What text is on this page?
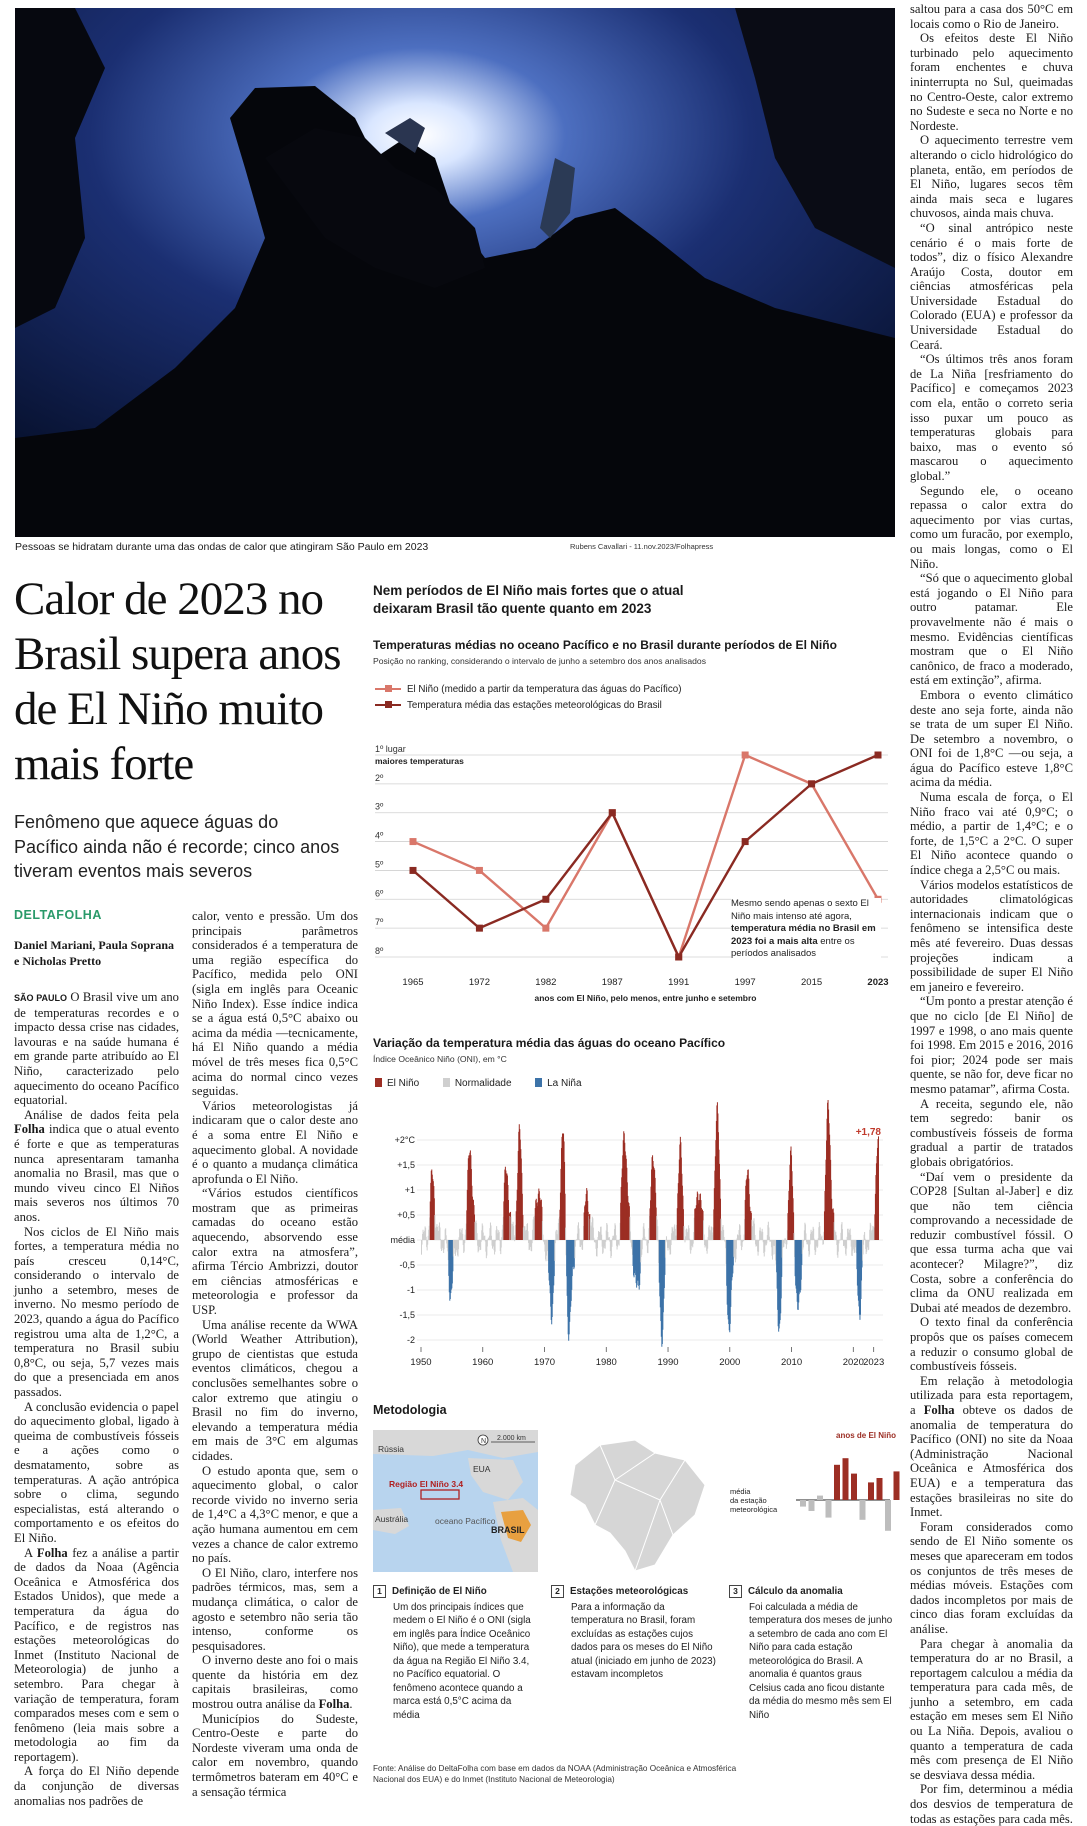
Pessoas se hidratam durante uma das ondas de calor que atingiram São Paulo em 2023	Rubens Cavallari - 11.nov.2023/Folhapress
Calor de 2023 no Brasil supera anos de El Niño muito mais forte
Fenômeno que aquece águas do Pacífico ainda não é recorde; cinco anos tiveram eventos mais severos
DELTAFOLHA
Daniel Mariani, Paula Soprana e Nicholas Pretto

SÃO PAULO O Brasil vive um ano de temperaturas recordes e o impacto dessa crise nas cidades, lavouras e na saúde humana é em grande parte atribuído ao El Niño, caracterizado pelo aquecimento do oceano Pacífico equatorial.

Análise de dados feita pela Folha indica que o atual evento é forte e que as temperaturas nunca apresentaram tamanha anomalia no Brasil, mas que o mundo viveu cinco El Niños mais severos nos últimos 70 anos.

Nos ciclos de El Niño mais fortes, a temperatura média no país cresceu 0,14°C, considerando o intervalo de junho a setembro, meses de inverno. No mesmo período de 2023, quando a água do Pacífico registrou uma alta de 1,2°C, a temperatura no Brasil subiu 0,8°C, ou seja, 5,7 vezes mais do que a presenciada em anos passados.

A conclusão evidencia o papel do aquecimento global, ligado à queima de combustíveis fósseis e a ações como o desmatamento, sobre as temperaturas. A ação antrópica sobre o clima, segundo especialistas, está alterando o comportamento e os efeitos do El Niño.

A Folha fez a análise a partir de dados da Noaa (Agência Oceânica e Atmosférica dos Estados Unidos), que mede a temperatura da água do Pacífico, e de registros nas estações meteorológicas do Inmet (Instituto Nacional de Meteorologia) de junho a setembro. Para chegar à variação de temperatura, foram comparados meses com e sem o fenômeno (leia mais sobre a metodologia ao fim da reportagem).

A força do El Niño depende da conjunção de diversas anomalias nos padrões de

calor, vento e pressão. Um dos principais parâmetros considerados é a temperatura de uma região específica do Pacífico, medida pelo ONI (sigla em inglês para Oceanic Niño Index). Esse índice indica se a água está 0,5°C abaixo ou acima da média —tecnicamente, há El Niño quando a média móvel de três meses fica 0,5°C acima do normal cinco vezes seguidas.

Vários meteorologistas já indicaram que o calor deste ano é a soma entre El Niño e aquecimento global. A novidade é o quanto a mudança climática aprofunda o El Niño.

“Vários estudos científicos mostram que as primeiras camadas do oceano estão aquecendo, absorvendo esse calor extra na atmosfera”, afirma Tércio Ambrizzi, doutor em ciências atmosféricas e meteorologia e professor da USP.

Uma análise recente da WWA (World Weather Attribution), grupo de cientistas que estuda eventos climáticos, chegou a conclusões semelhantes sobre o calor extremo que atingiu o Brasil no fim do inverno, elevando a temperatura média em mais de 3°C em algumas cidades.

O estudo aponta que, sem o aquecimento global, o calor recorde vivido no inverno seria de 1,4°C a 4,3°C menor, e que a ação humana aumentou em cem vezes a chance de calor extremo no país.

O El Niño, claro, interfere nos padrões térmicos, mas, sem a mudança climática, o calor de agosto e setembro não seria tão intenso, conforme os pesquisadores.

O inverno deste ano foi o mais quente da história em dez capitais brasileiras, como mostrou outra análise da Folha.

Municípios do Sudeste, Centro-Oeste e parte do Nordeste viveram uma onda de calor em novembro, quando termômetros bateram em 40°C e a sensação térmica

saltou para a casa dos 50°C em locais como o Rio de Janeiro.

Os efeitos deste El Niño turbinado pelo aquecimento foram enchentes e chuva ininterrupta no Sul, queimadas no Centro-Oeste, calor extremo no Sudeste e seca no Norte e no Nordeste.

O aquecimento terrestre vem alterando o ciclo hidrológico do planeta, então, em períodos de El Niño, lugares secos têm ainda mais seca e lugares chuvosos, ainda mais chuva.

“O sinal antrópico neste cenário é o mais forte de todos”, diz o físico Alexandre Araújo Costa, doutor em ciências atmosféricas pela Universidade Estadual do Colorado (EUA) e professor da Universidade Estadual do Ceará.

“Os últimos três anos foram de La Niña [resfriamento do Pacífico] e começamos 2023 com ela, então o correto seria isso puxar um pouco as temperaturas globais para baixo, mas o evento só mascarou o aquecimento global.”

Segundo ele, o oceano repassa o calor extra do aquecimento por vias curtas, como um furacão, por exemplo, ou mais longas, como o El Niño.

“Só que o aquecimento global está jogando o El Niño para outro patamar. Ele provavelmente não é mais o mesmo. Evidências científicas mostram que o El Niño canônico, de fraco a moderado, está em extinção”, afirma.

Embora o evento climático deste ano seja forte, ainda não se trata de um super El Niño. De setembro a novembro, o ONI foi de 1,8°C —ou seja, a água do Pacífico esteve 1,8°C acima da média.

Numa escala de força, o El Niño fraco vai até 0,9°C; o médio, a partir de 1,4°C; e o forte, de 1,5°C a 2°C. O super El Niño acontece quando o índice chega a 2,5°C ou mais.

Vários modelos estatísticos de autoridades climatológicas internacionais indicam que o fenômeno se intensifica deste mês até fevereiro. Duas dessas projeções indicam a possibilidade de super El Niño em janeiro e fevereiro.

“Um ponto a prestar atenção é que no ciclo [de El Niño] de 1997 e 1998, o ano mais quente foi 1998. Em 2015 e 2016, 2016 foi pior; 2024 pode ser mais quente, se não for, deve ficar no mesmo patamar”, afirma Costa.

A receita, segundo ele, não tem segredo: banir os combustíveis fósseis de forma gradual a partir de tratados globais obrigatórios.

“Daí vem o presidente da COP28 [Sultan al-Jaber] e diz que não tem ciência comprovando a necessidade de reduzir combustível fóssil. O que essa turma acha que vai acontecer? Milagre?”, diz Costa, sobre a conferência do clima da ONU realizada em Dubai até meados de dezembro.

O texto final da conferência propôs que os países comecem a reduzir o consumo global de combustíveis fósseis.

Em relação à metodologia utilizada para esta reportagem, a Folha obteve os dados de anomalia de temperatura do Pacífico (ONI) no site da Noaa (Administração Nacional Oceânica e Atmosférica dos EUA) e a temperatura das estações brasileiras no site do Inmet.

Foram considerados como sendo de El Niño somente os meses que apareceram em todos os conjuntos de três meses de médias móveis. Estações com dados incompletos por mais de cinco dias foram excluídas da análise.

Para chegar à anomalia da temperatura do ar no Brasil, a reportagem calculou a média da temperatura para cada mês, de junho a setembro, em cada estação em meses sem El Niño ou La Niña. Depois, avaliou o quanto a temperatura de cada mês com presença de El Niño se desviava dessa média.

Por fim, determinou a média dos desvios de temperatura de todas as estações para cada mês.

Nem períodos de El Niño mais fortes que o atual deixaram Brasil tão quente quanto em 2023
Temperaturas médias no oceano Pacífico e no Brasil durante períodos de El Niño
Posição no ranking, considerando o intervalo de junho a setembro dos anos analisados
El Niño (medido a partir da temperatura das águas do Pacífico)
Temperatura média das estações meteorológicas do Brasil
1º lugar
2º
3º
4º
5º
6º
7º
8º
maiores temperaturas
1965	1972	1982	1987	1991	1997	2015	2023
anos com El Niño, pelo menos, entre junho e setembro
Mesmo sendo apenas o sexto El Niño mais intenso até agora, temperatura média no Brasil em 2023 foi a mais alta entre os períodos analisados
Variação da temperatura média das águas do oceano Pacífico
Índice Oceânico Niño (ONI), em °C
El Niño	Normalidade	La Niña
+2°C
+1,5
+1
+0,5
média
-0,5
-1
-1,5
-2
1950	1960	1970	1980	1990	2000	2010	2020 2023
+1,78
Metodologia
N 2.000 km
Rússia
EUA
Região El Niño 3.4
Austrália	oceano Pacífico
BRASIL
média da estação meteorológica
anos de El Niño
1 Definição de El Niño
Um dos principais índices que medem o El Niño é o ONI (sigla em inglês para Índice Oceânico Niño), que mede a temperatura da água na Região El Niño 3.4, no Pacífico equatorial. O fenômeno acontece quando a marca está 0,5°C acima da média
2 Estações meteorológicas
Para a informação da temperatura no Brasil, foram excluídas as estações cujos dados para os meses do El Niño atual (iniciado em junho de 2023) estavam incompletos
3 Cálculo da anomalia
Foi calculada a média de temperatura dos meses de junho a setembro de cada ano com El Niño para cada estação meteorológica do Brasil. A anomalia é quantos graus Celsius cada ano ficou distante da média do mesmo mês sem El Niño
Fonte: Análise do DeltaFolha com base em dados da NOAA (Administração Oceânica e Atmosférica Nacional dos EUA) e do Inmet (Instituto Nacional de Meteorologia)
